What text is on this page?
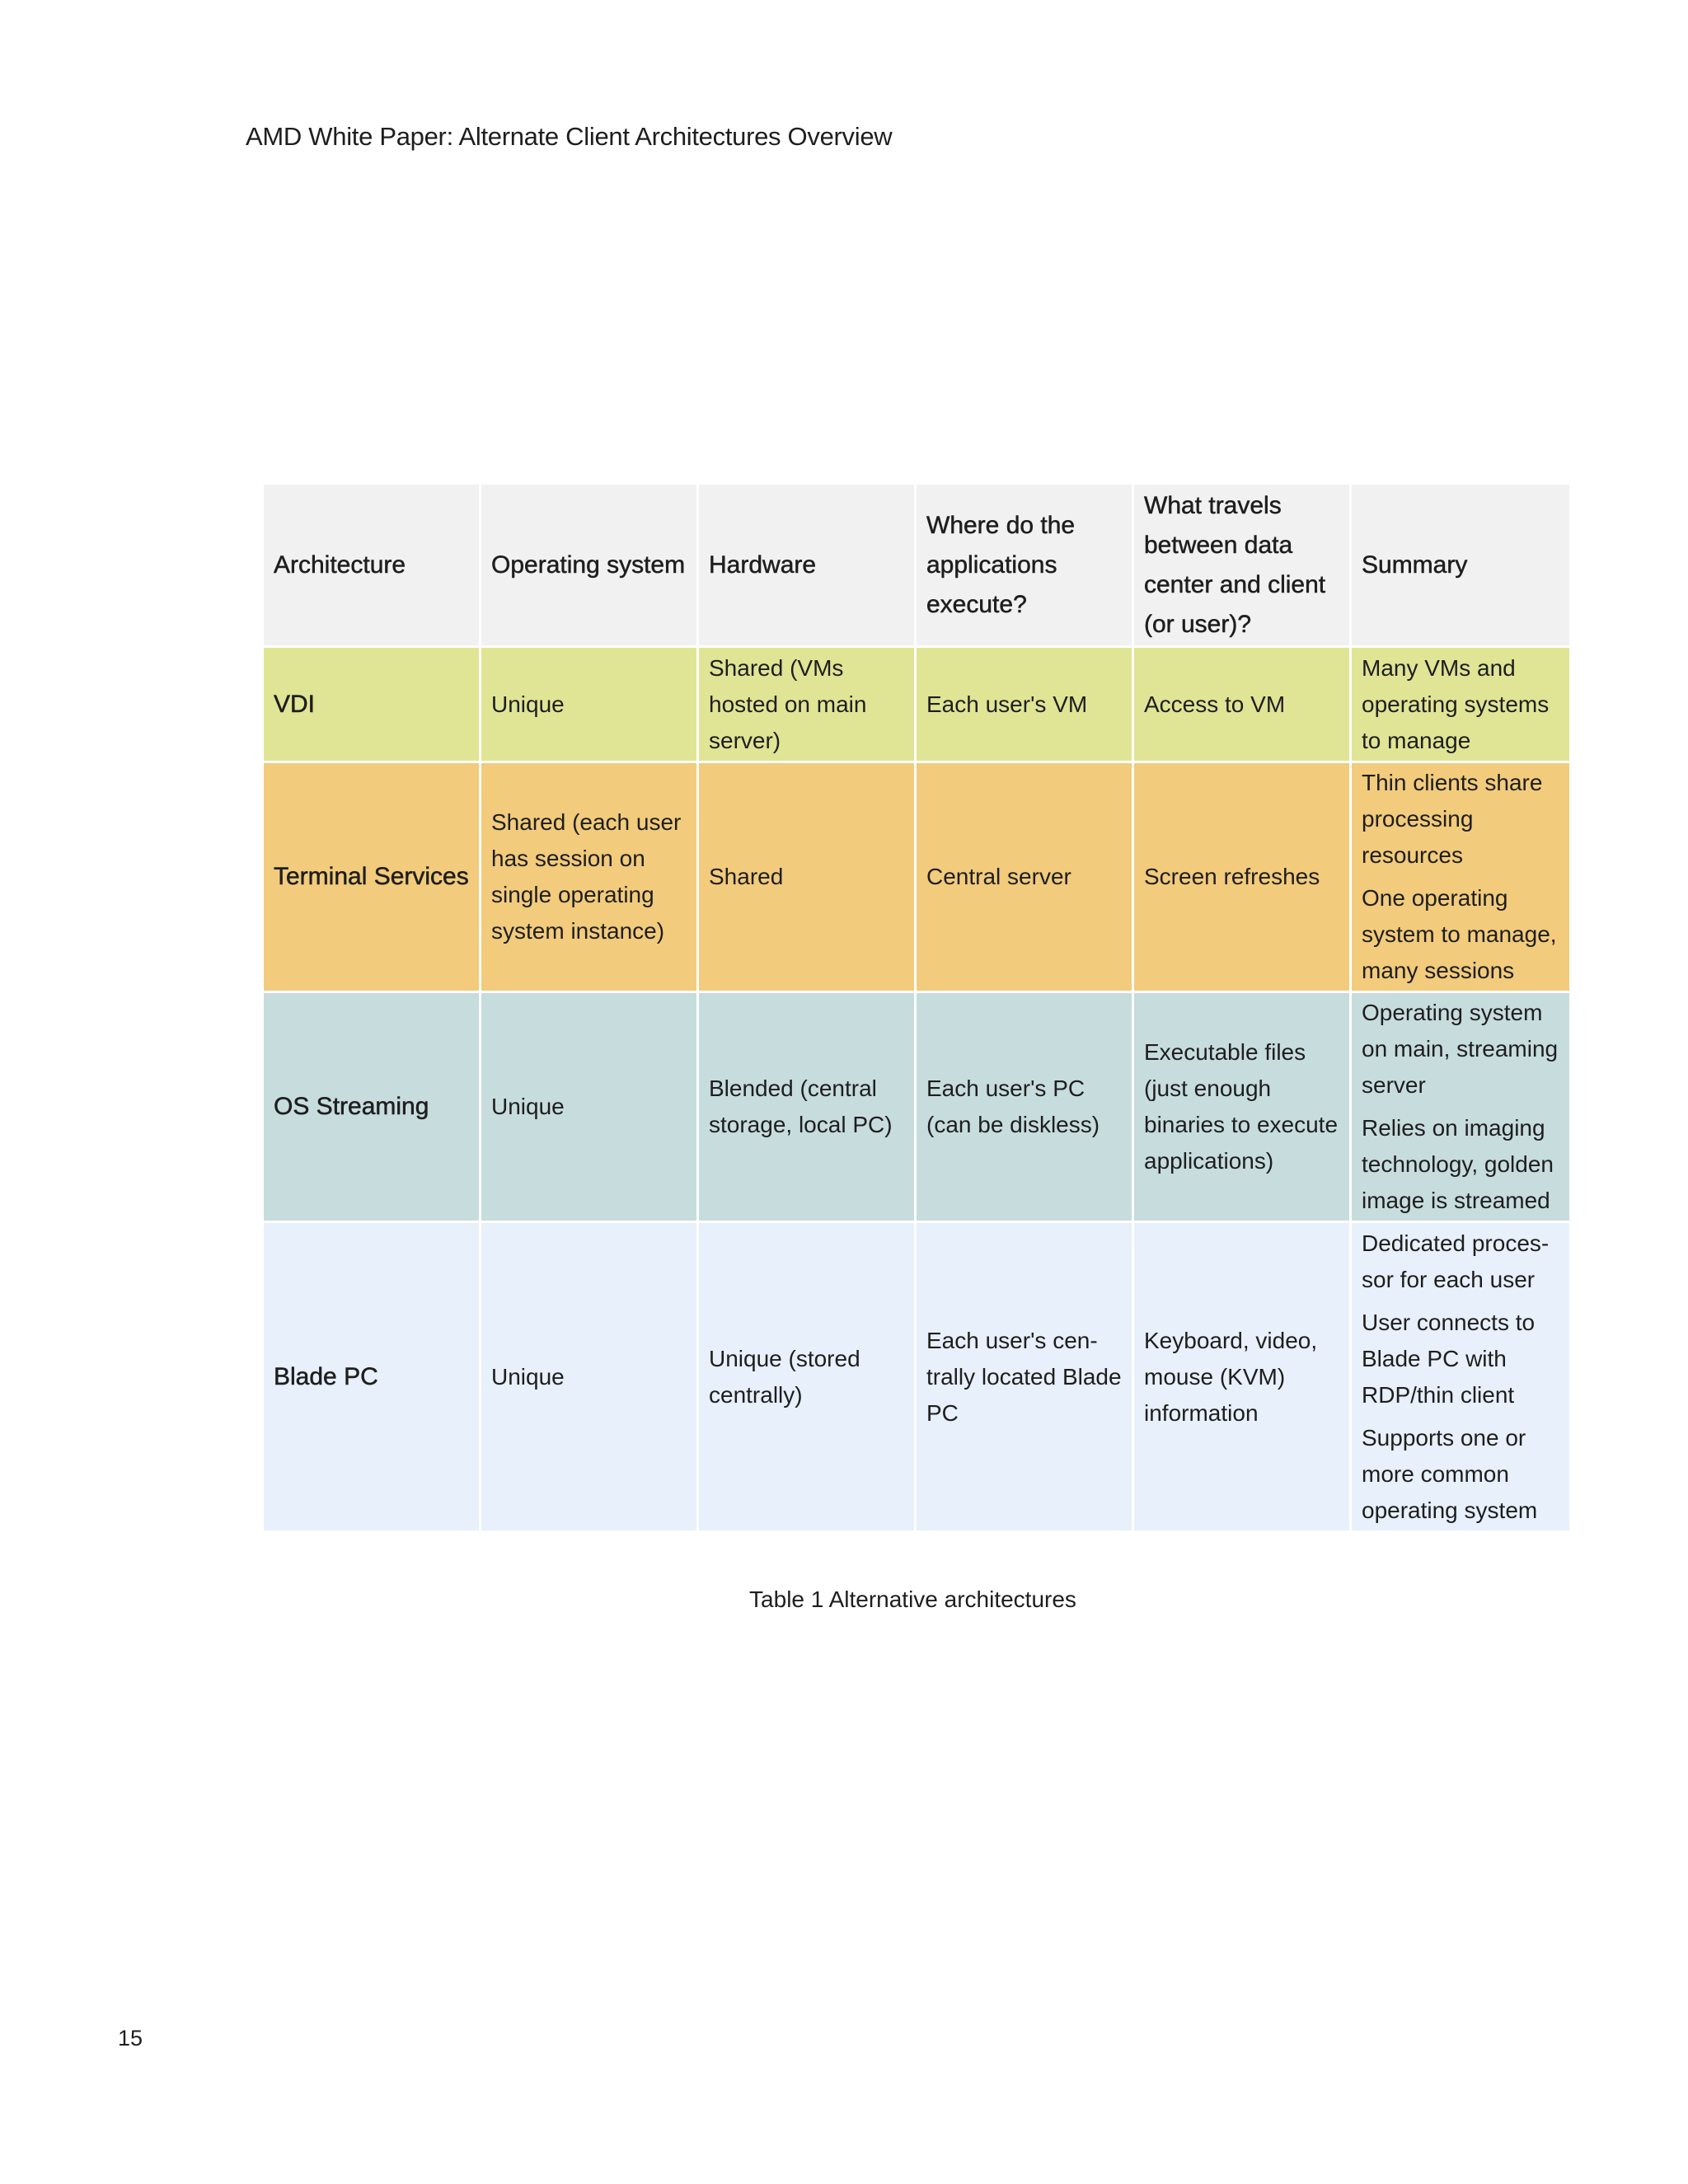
AMD White Paper: Alternate Client Architectures Overview
Architecture	Operating system	Hardware	Where do the applications execute?	What travels between data center and client (or user)?	Summary
VDI	Unique	Shared (VMs hosted on main server)	Each user's VM	Access to VM	Many VMs and operating systems to manage

Terminal Services	Shared (each user has session on single operating system instance)	Shared	Central server	Screen refreshes	Thin clients share processing resources
One operating system to manage, many sessions

OS Streaming	Unique	Blended (central storage, local PC)	Each user's PC (can be diskless)	Executable files (just enough binaries to execute applications)	Operating system on main, streaming server
Relies on imaging technology, golden image is streamed

Blade PC	Unique	Unique (stored centrally)	Each user's cen-trally located Blade PC	Keyboard, video, mouse (KVM) information	Dedicated proces-sor for each user
User connects to Blade PC with RDP/thin client
Supports one or more common operating system
Table 1 Alternative architectures
15
